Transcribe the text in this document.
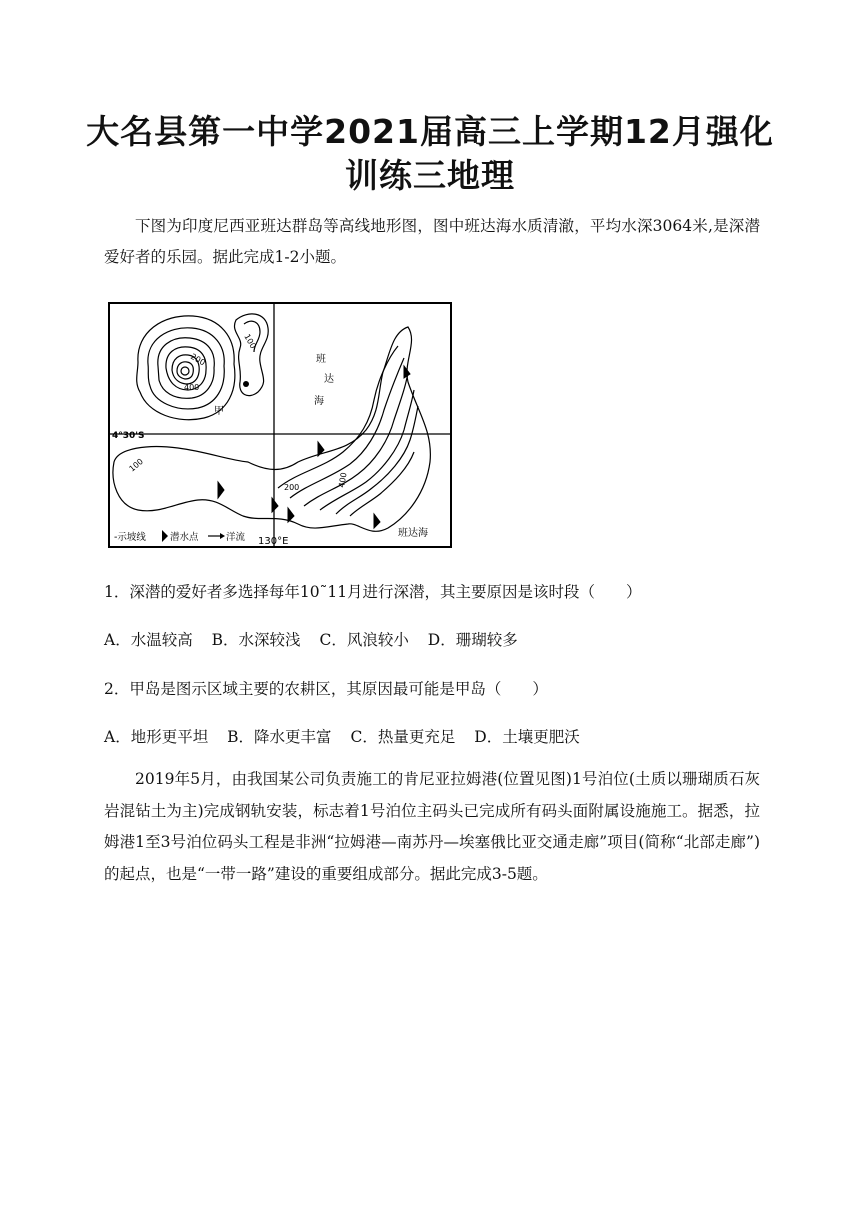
大名县第一中学2021届高三上学期12月强化
训练三地理

下图为印度尼西亚班达群岛等高线地形图，图中班达海水质清澈，平均水深3064米,是深潜爱好者的乐园。据此完成1-2小题。

甲
400
200
100
100
200	400
班
达
海
班达海
4°30'S
130°E
-示坡线	潜水点	洋流

1．深潜的爱好者多选择每年10˜11月进行深潜，其主要原因是该时段（　　）

A．水温较高 B．水深较浅 C．风浪较小 D．珊瑚较多

2．甲岛是图示区域主要的农耕区，其原因最可能是甲岛（　　）

A．地形更平坦 B．降水更丰富 C．热量更充足 D．土壤更肥沃

2019年5月，由我国某公司负责施工的肯尼亚拉姆港(位置见图)1号泊位(土质以珊瑚质石灰岩混钻土为主)完成钢轨安装，标志着1号泊位主码头已完成所有码头面附属设施施工。据悉，拉姆港1至3号泊位码头工程是非洲“拉姆港—南苏丹—埃塞俄比亚交通走廊”项目(简称“北部走廊”)的起点，也是“一带一路”建设的重要组成部分。据此完成3-5题。
